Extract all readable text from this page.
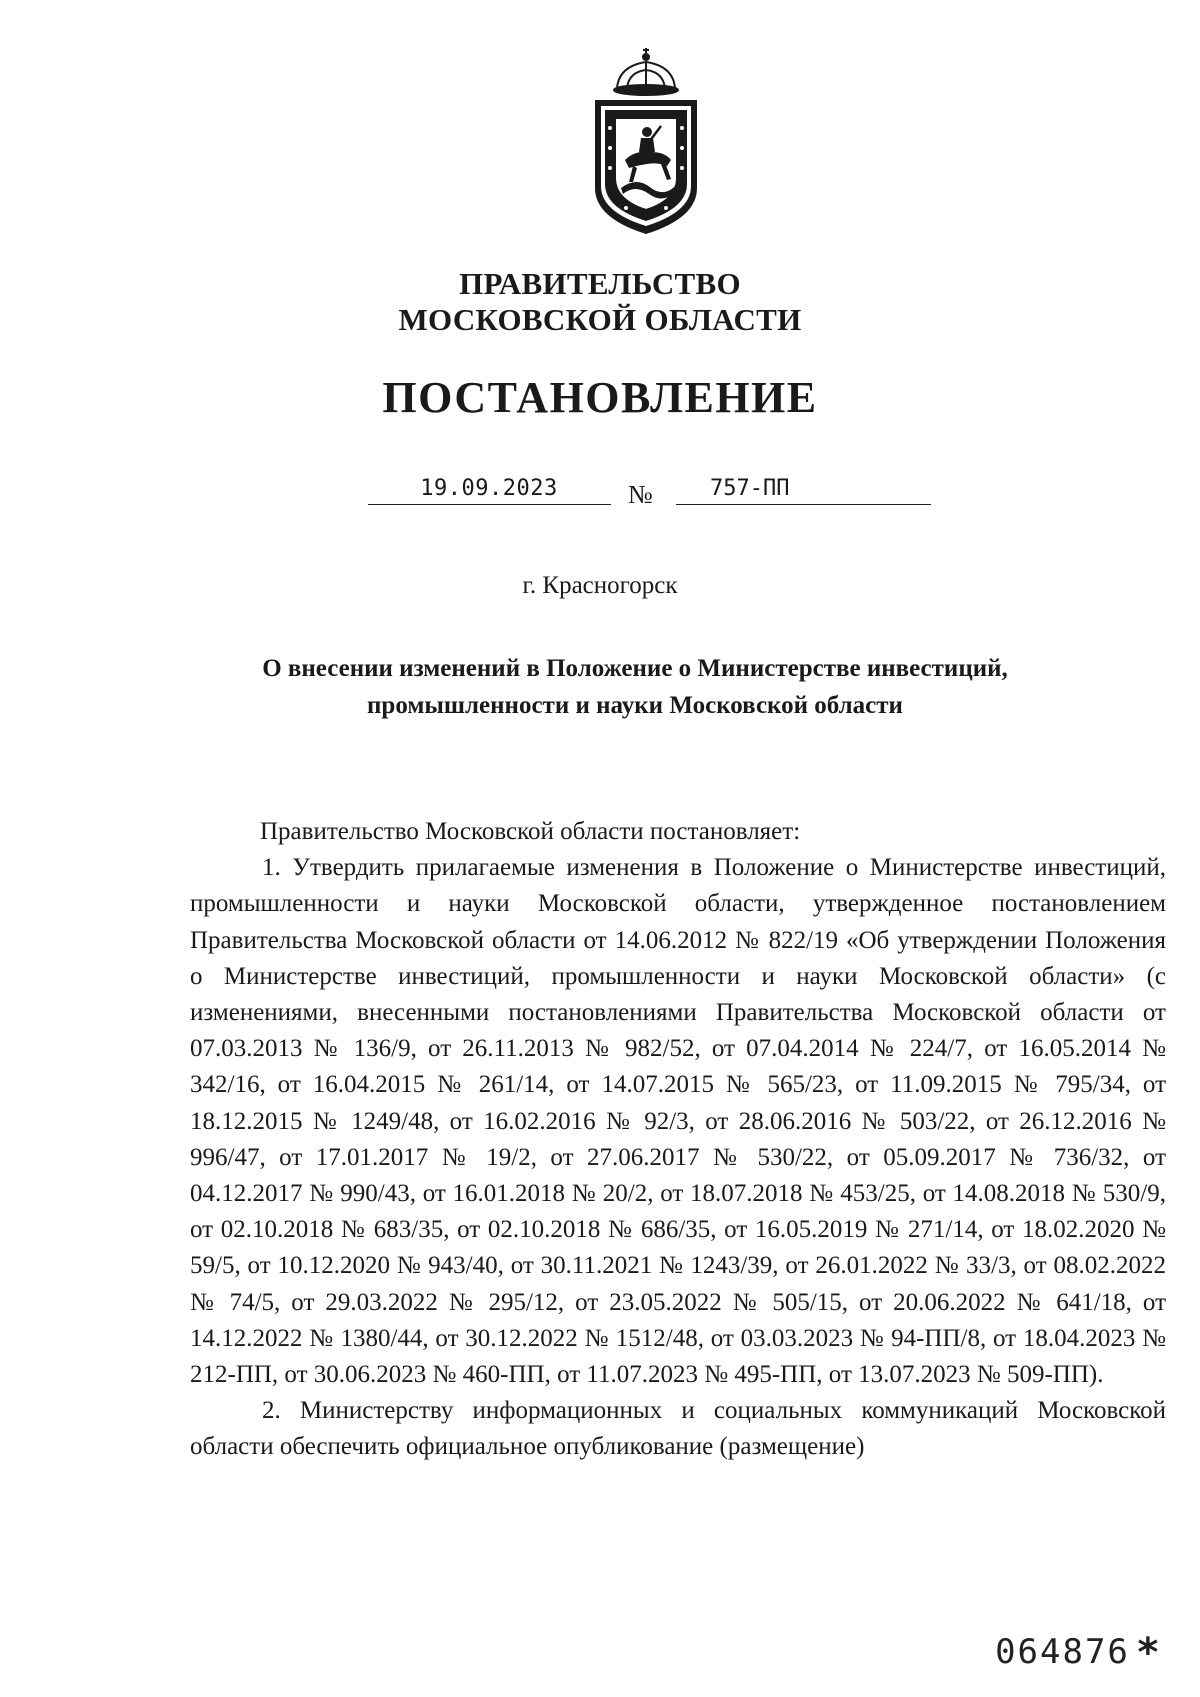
ПРАВИТЕЛЬСТВО
МОСКОВСКОЙ ОБЛАСТИ
ПОСТАНОВЛЕНИЕ
19.09.2023	№	757-ПП
г. Красногорск
О внесении изменений в Положение о Министерстве инвестиций,
промышленности и науки Московской области

Правительство Московской области постановляет:

1. Утвердить прилагаемые изменения в Положение о Министерстве инвестиций, промышленности и науки Московской области, утвержденное постановлением Правительства Московской области от 14.06.2012 № 822/19 «Об утверждении Положения о Министерстве инвестиций, промышленности и науки Московской области» (с изменениями, внесенными постановлениями Правительства Московской области от 07.03.2013 № 136/9, от 26.11.2013 № 982/52, от 07.04.2014 № 224/7, от 16.05.2014 № 342/16, от 16.04.2015 № 261/14, от 14.07.2015 № 565/23, от 11.09.2015 № 795/34, от 18.12.2015 № 1249/48, от 16.02.2016 № 92/3, от 28.06.2016 № 503/22, от 26.12.2016 № 996/47, от 17.01.2017 № 19/2, от 27.06.2017 № 530/22, от 05.09.2017 № 736/32, от 04.12.2017 № 990/43, от 16.01.2018 № 20/2, от 18.07.2018 № 453/25, от 14.08.2018 № 530/9, от 02.10.2018 № 683/35, от 02.10.2018 № 686/35, от 16.05.2019 № 271/14, от 18.02.2020 № 59/5, от 10.12.2020 № 943/40, от 30.11.2021 № 1243/39, от 26.01.2022 № 33/3, от 08.02.2022 № 74/5, от 29.03.2022 № 295/12, от 23.05.2022 № 505/15, от 20.06.2022 № 641/18, от 14.12.2022 № 1380/44, от 30.12.2022 № 1512/48, от 03.03.2023 № 94-ПП/8, от 18.04.2023 № 212-ПП, от 30.06.2023 № 460-ПП, от 11.07.2023 № 495-ПП, от 13.07.2023 № 509-ПП).

2. Министерству информационных и социальных коммуникаций Московской области обеспечить официальное опубликование (размещение)

064876 *
